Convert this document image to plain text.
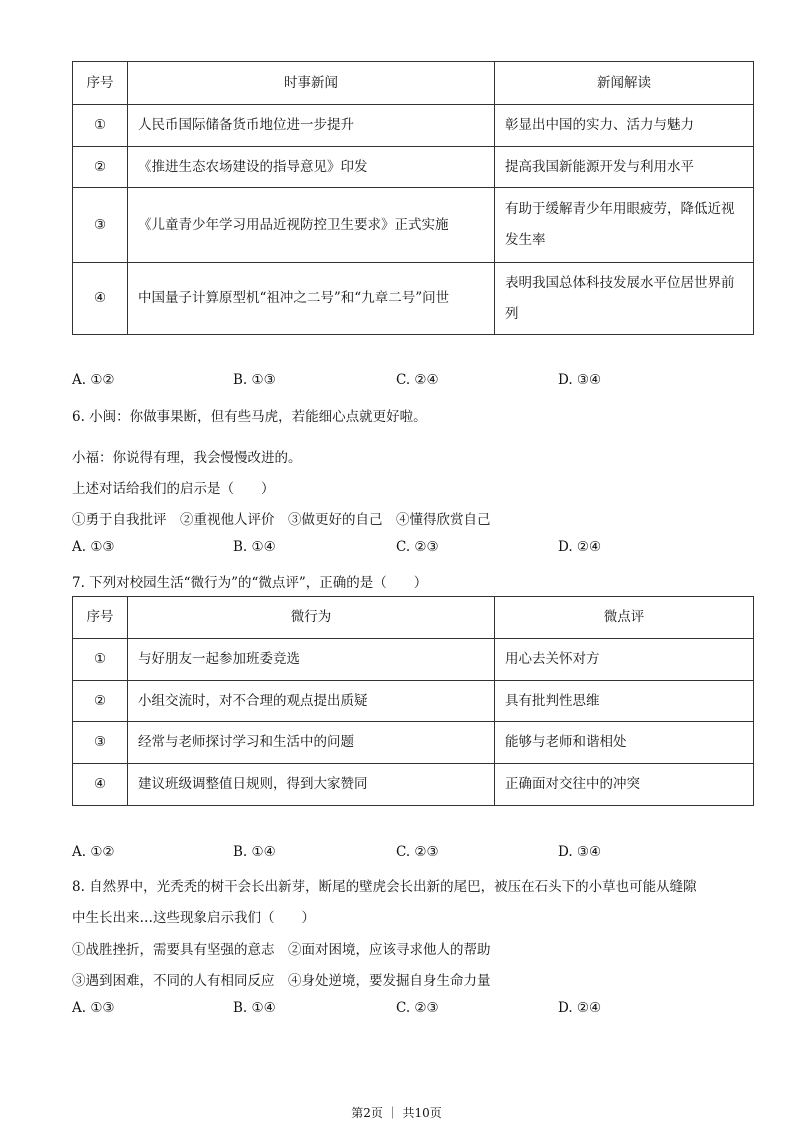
序号	时事新闻	新闻解读
①	人民币国际储备货币地位进一步提升	彰显出中国的实力、活力与魅力
②	《推进生态农场建设的指导意见》印发	提高我国新能源开发与利用水平
③	《儿童青少年学习用品近视防控卫生要求》正式实施	有助于缓解青少年用眼疲劳，降低近视发生率
④	中国量子计算原型机“祖冲之二号”和“九章二号”问世	表明我国总体科技发展水平位居世界前列
A. ①②	B. ①③	C. ②④	D. ③④
6. 小闽：你做事果断，但有些马虎，若能细心点就更好啦。
小福：你说得有理，我会慢慢改进的。
上述对话给我们的启示是（　　）
①勇于自我批评　②重视他人评价　③做更好的自己　④懂得欣赏自己
A. ①③	B. ①④	C. ②③	D. ②④
7. 下列对校园生活“微行为”的“微点评”，正确的是（　　）
序号	微行为	微点评
①	与好朋友一起参加班委竞选	用心去关怀对方
②	小组交流时，对不合理的观点提出质疑	具有批判性思维
③	经常与老师探讨学习和生活中的问题	能够与老师和谐相处
④	建议班级调整值日规则，得到大家赞同	正确面对交往中的冲突
A. ①②	B. ①④	C. ②③	D. ③④
8. 自然界中，光秃秃的树干会长出新芽，断尾的壁虎会长出新的尾巴，被压在石头下的小草也可能从缝隙
中生长出来…这些现象启示我们（　　）
①战胜挫折，需要具有坚强的意志　②面对困境，应该寻求他人的帮助
③遇到困难，不同的人有相同反应　④身处逆境，要发掘自身生命力量
A. ①③	B. ①④	C. ②③	D. ②④
第2页 ｜ 共10页
